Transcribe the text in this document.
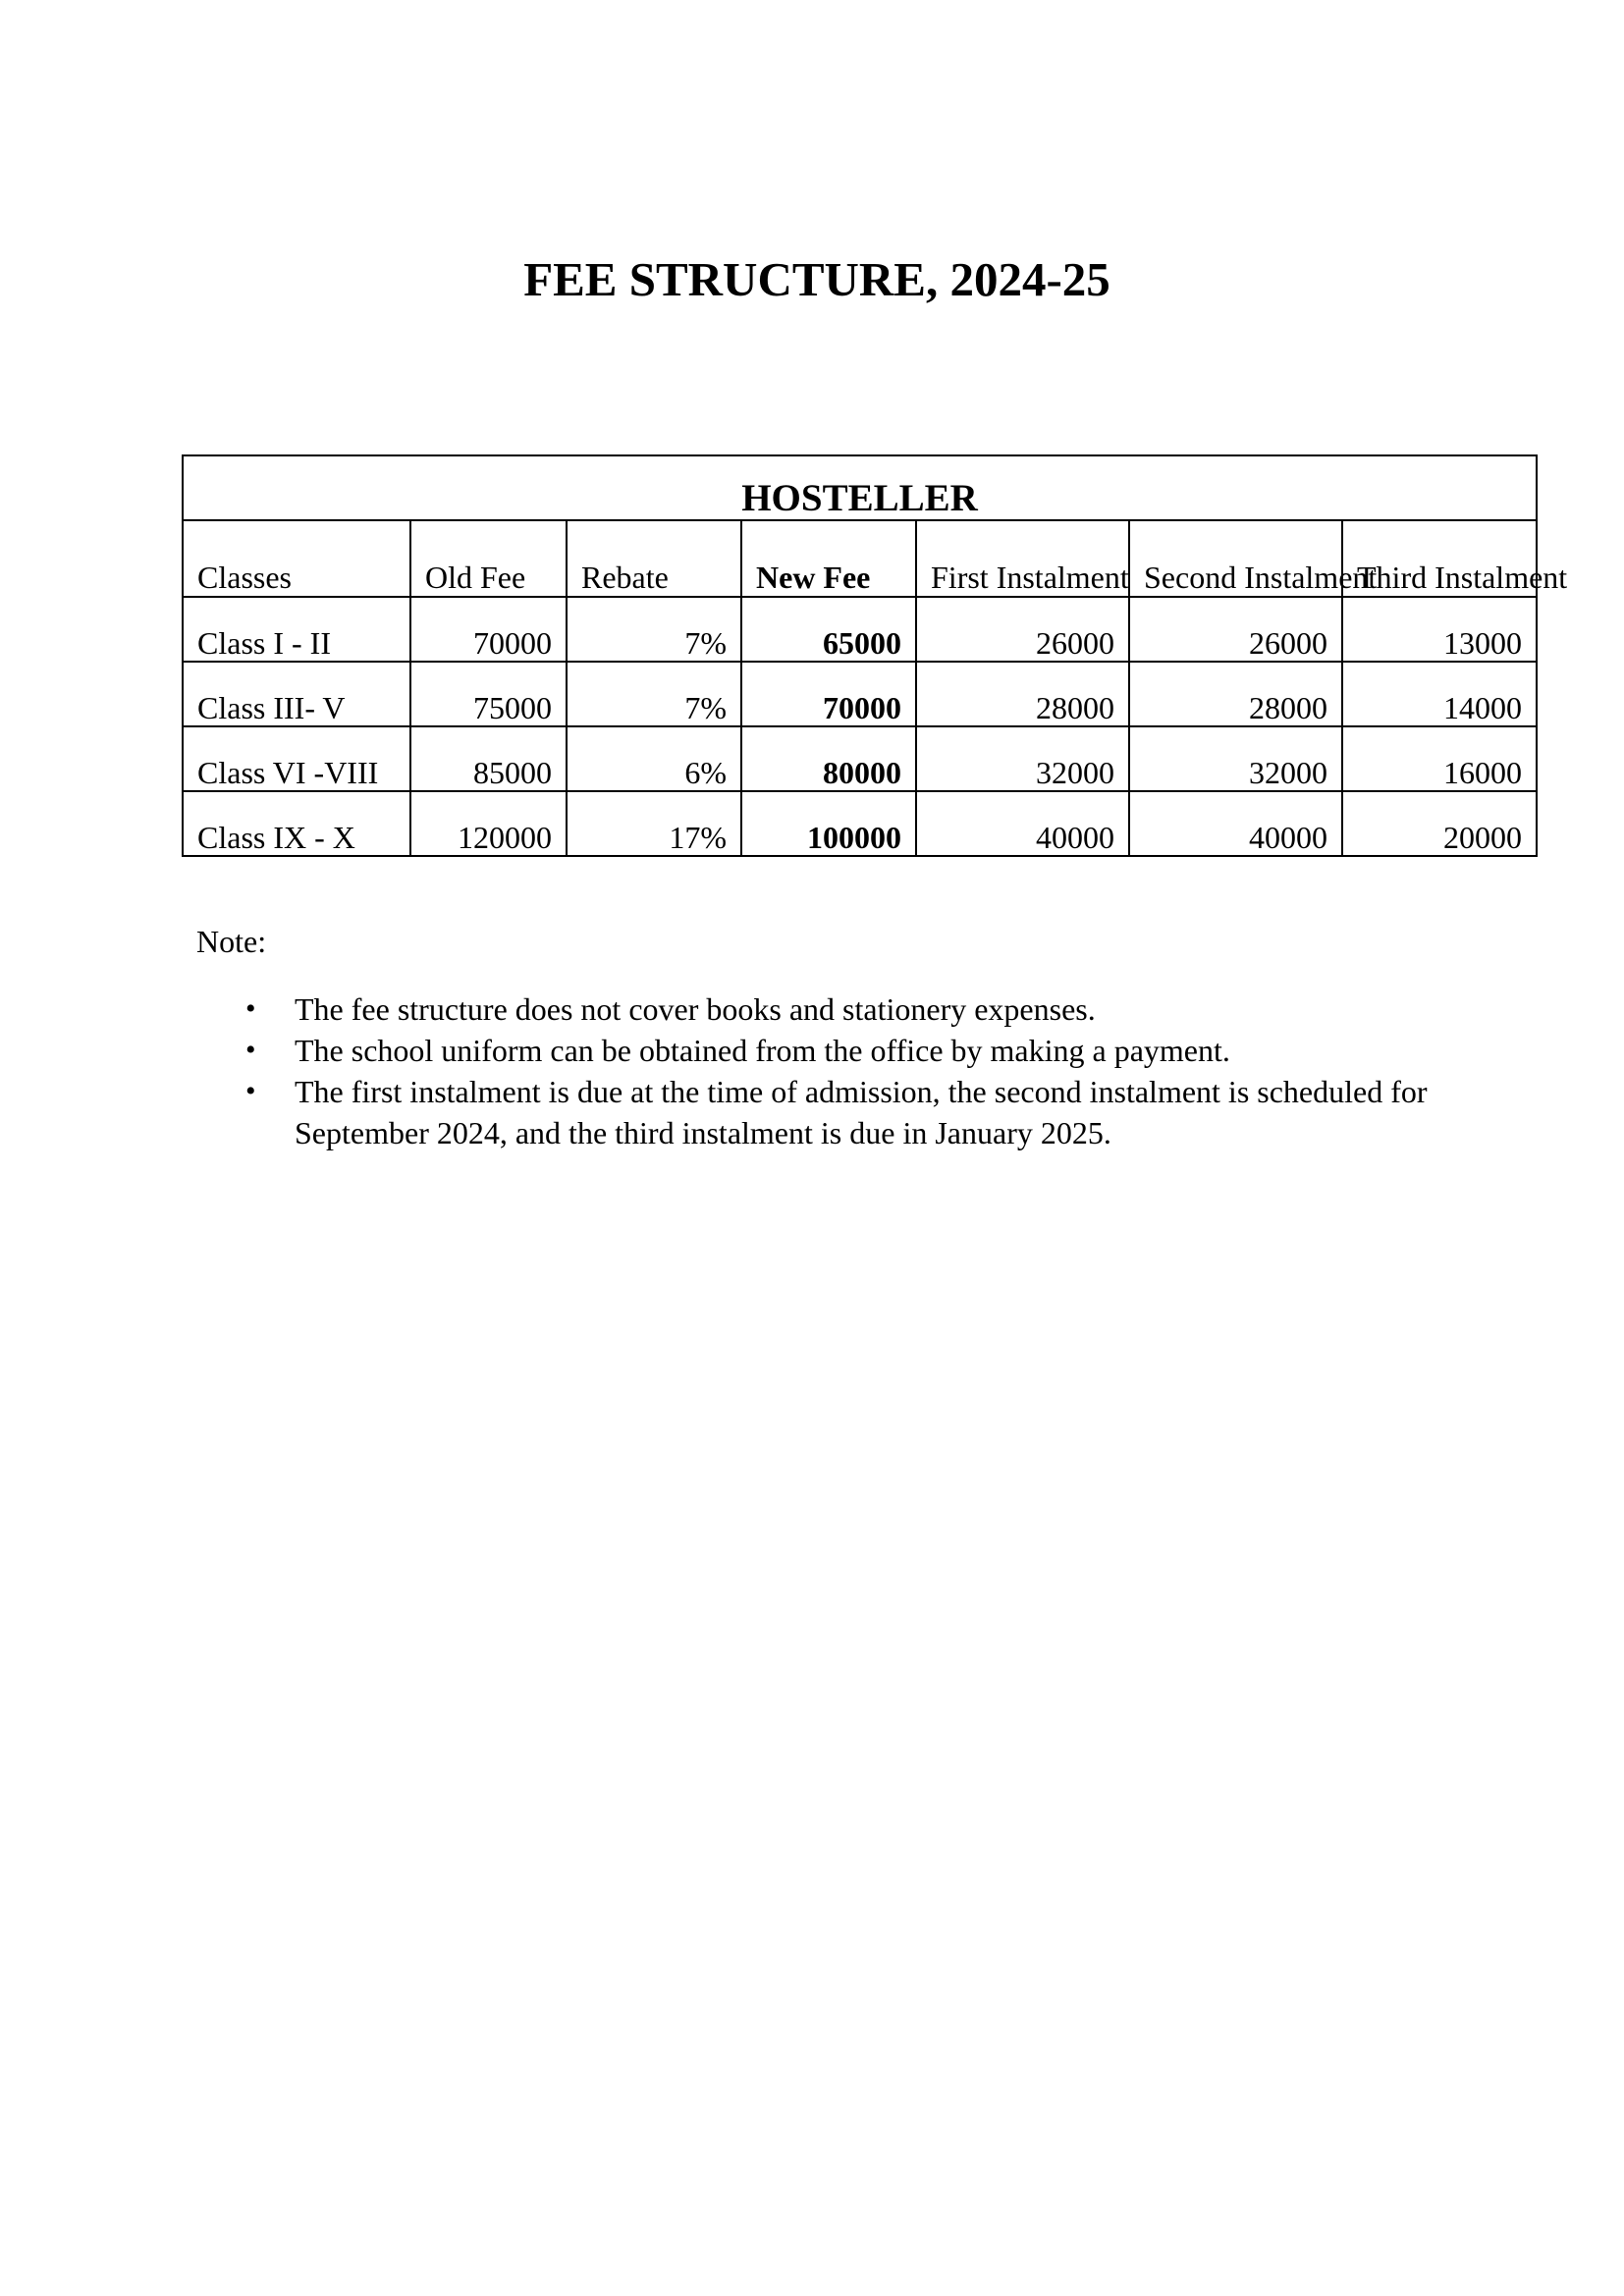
FEE STRUCTURE, 2024-25
HOSTELLER						
Classes	Old Fee	Rebate	New Fee	First Instalment	Second Instalment	Third Instalment
Class I - II	70000	7%	65000	26000	26000	13000
Class III- V	75000	7%	70000	28000	28000	14000
Class VI -VIII	85000	6%	80000	32000	32000	16000
Class IX - X	120000	17%	100000	40000	40000	20000

Note:

•	The fee structure does not cover books and stationery expenses.
•	The school uniform can be obtained from the office by making a payment.
•	The first instalment is due at the time of admission, the second instalment is scheduled for September 2024, and the third instalment is due in January 2025.
